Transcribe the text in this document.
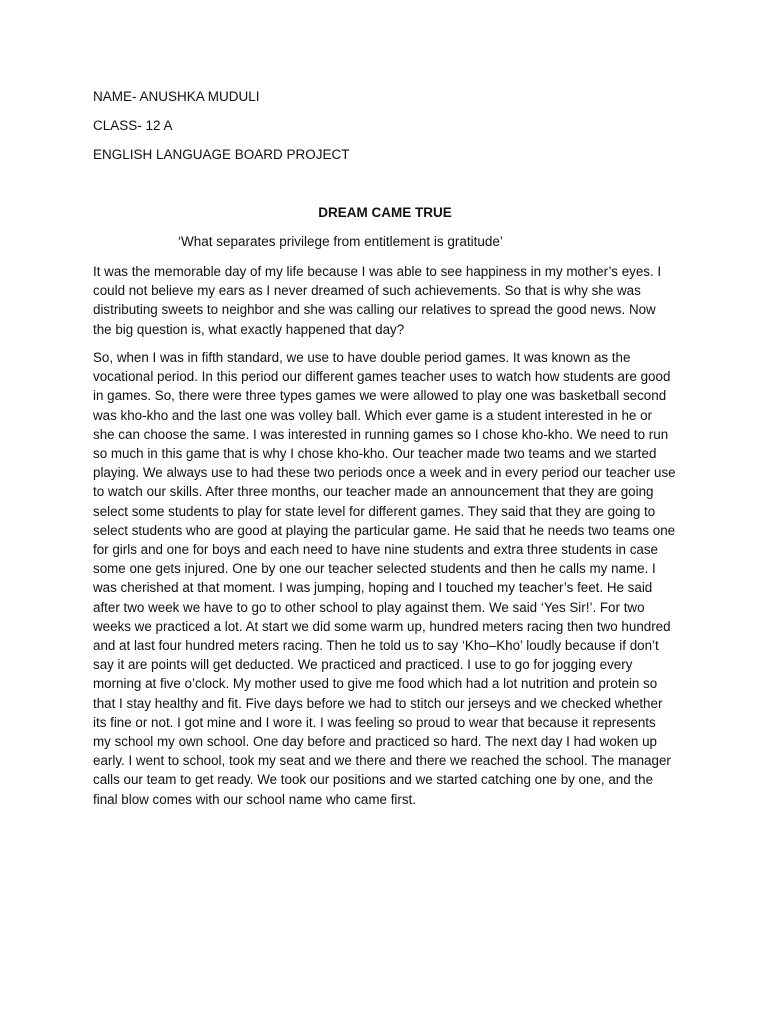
NAME- ANUSHKA MUDULI

CLASS- 12 A

ENGLISH LANGUAGE BOARD PROJECT

DREAM CAME TRUE

‘What separates privilege from entitlement is gratitude’

It was the memorable day of my life because I was able to see happiness in my mother’s eyes. I could not believe my ears as I never dreamed of such achievements. So that is why she was distributing sweets to neighbor and she was calling our relatives to spread the good news. Now the big question is, what exactly happened that day?

So, when I was in fifth standard, we use to have double period games. It was known as the vocational period. In this period our different games teacher uses to watch how students are good in games. So, there were three types games we were allowed to play one was basketball second was kho-kho and the last one was volley ball. Which ever game is a student interested in he or she can choose the same. I was interested in running games so I chose kho-kho. We need to run so much in this game that is why I chose kho-kho. Our teacher made two teams and we started playing. We always use to had these two periods once a week and in every period our teacher use to watch our skills. After three months, our teacher made an announcement that they are going select some students to play for state level for different games. They said that they are going to select students who are good at playing the particular game. He said that he needs two teams one for girls and one for boys and each need to have nine students and extra three students in case some one gets injured. One by one our teacher selected students and then he calls my name. I was cherished at that moment. I was jumping, hoping and I touched my teacher’s feet. He said after two week we have to go to other school to play against them. We said ‘Yes Sir!’. For two weeks we practiced a lot. At start we did some warm up, hundred meters racing then two hundred and at last four hundred meters racing. Then he told us to say ‘Kho–Kho’ loudly because if don’t say it are points will get deducted. We practiced and practiced. I use to go for jogging every morning at five o’clock. My mother used to give me food which had a lot nutrition and protein so that I stay healthy and fit. Five days before we had to stitch our jerseys and we checked whether its fine or not. I got mine and I wore it. I was feeling so proud to wear that because it represents my school my own school. One day before and practiced so hard. The next day I had woken up early. I went to school, took my seat and we there and there we reached the school. The manager calls our team to get ready. We took our positions and we started catching one by one, and the final blow comes with our school name who came first.
